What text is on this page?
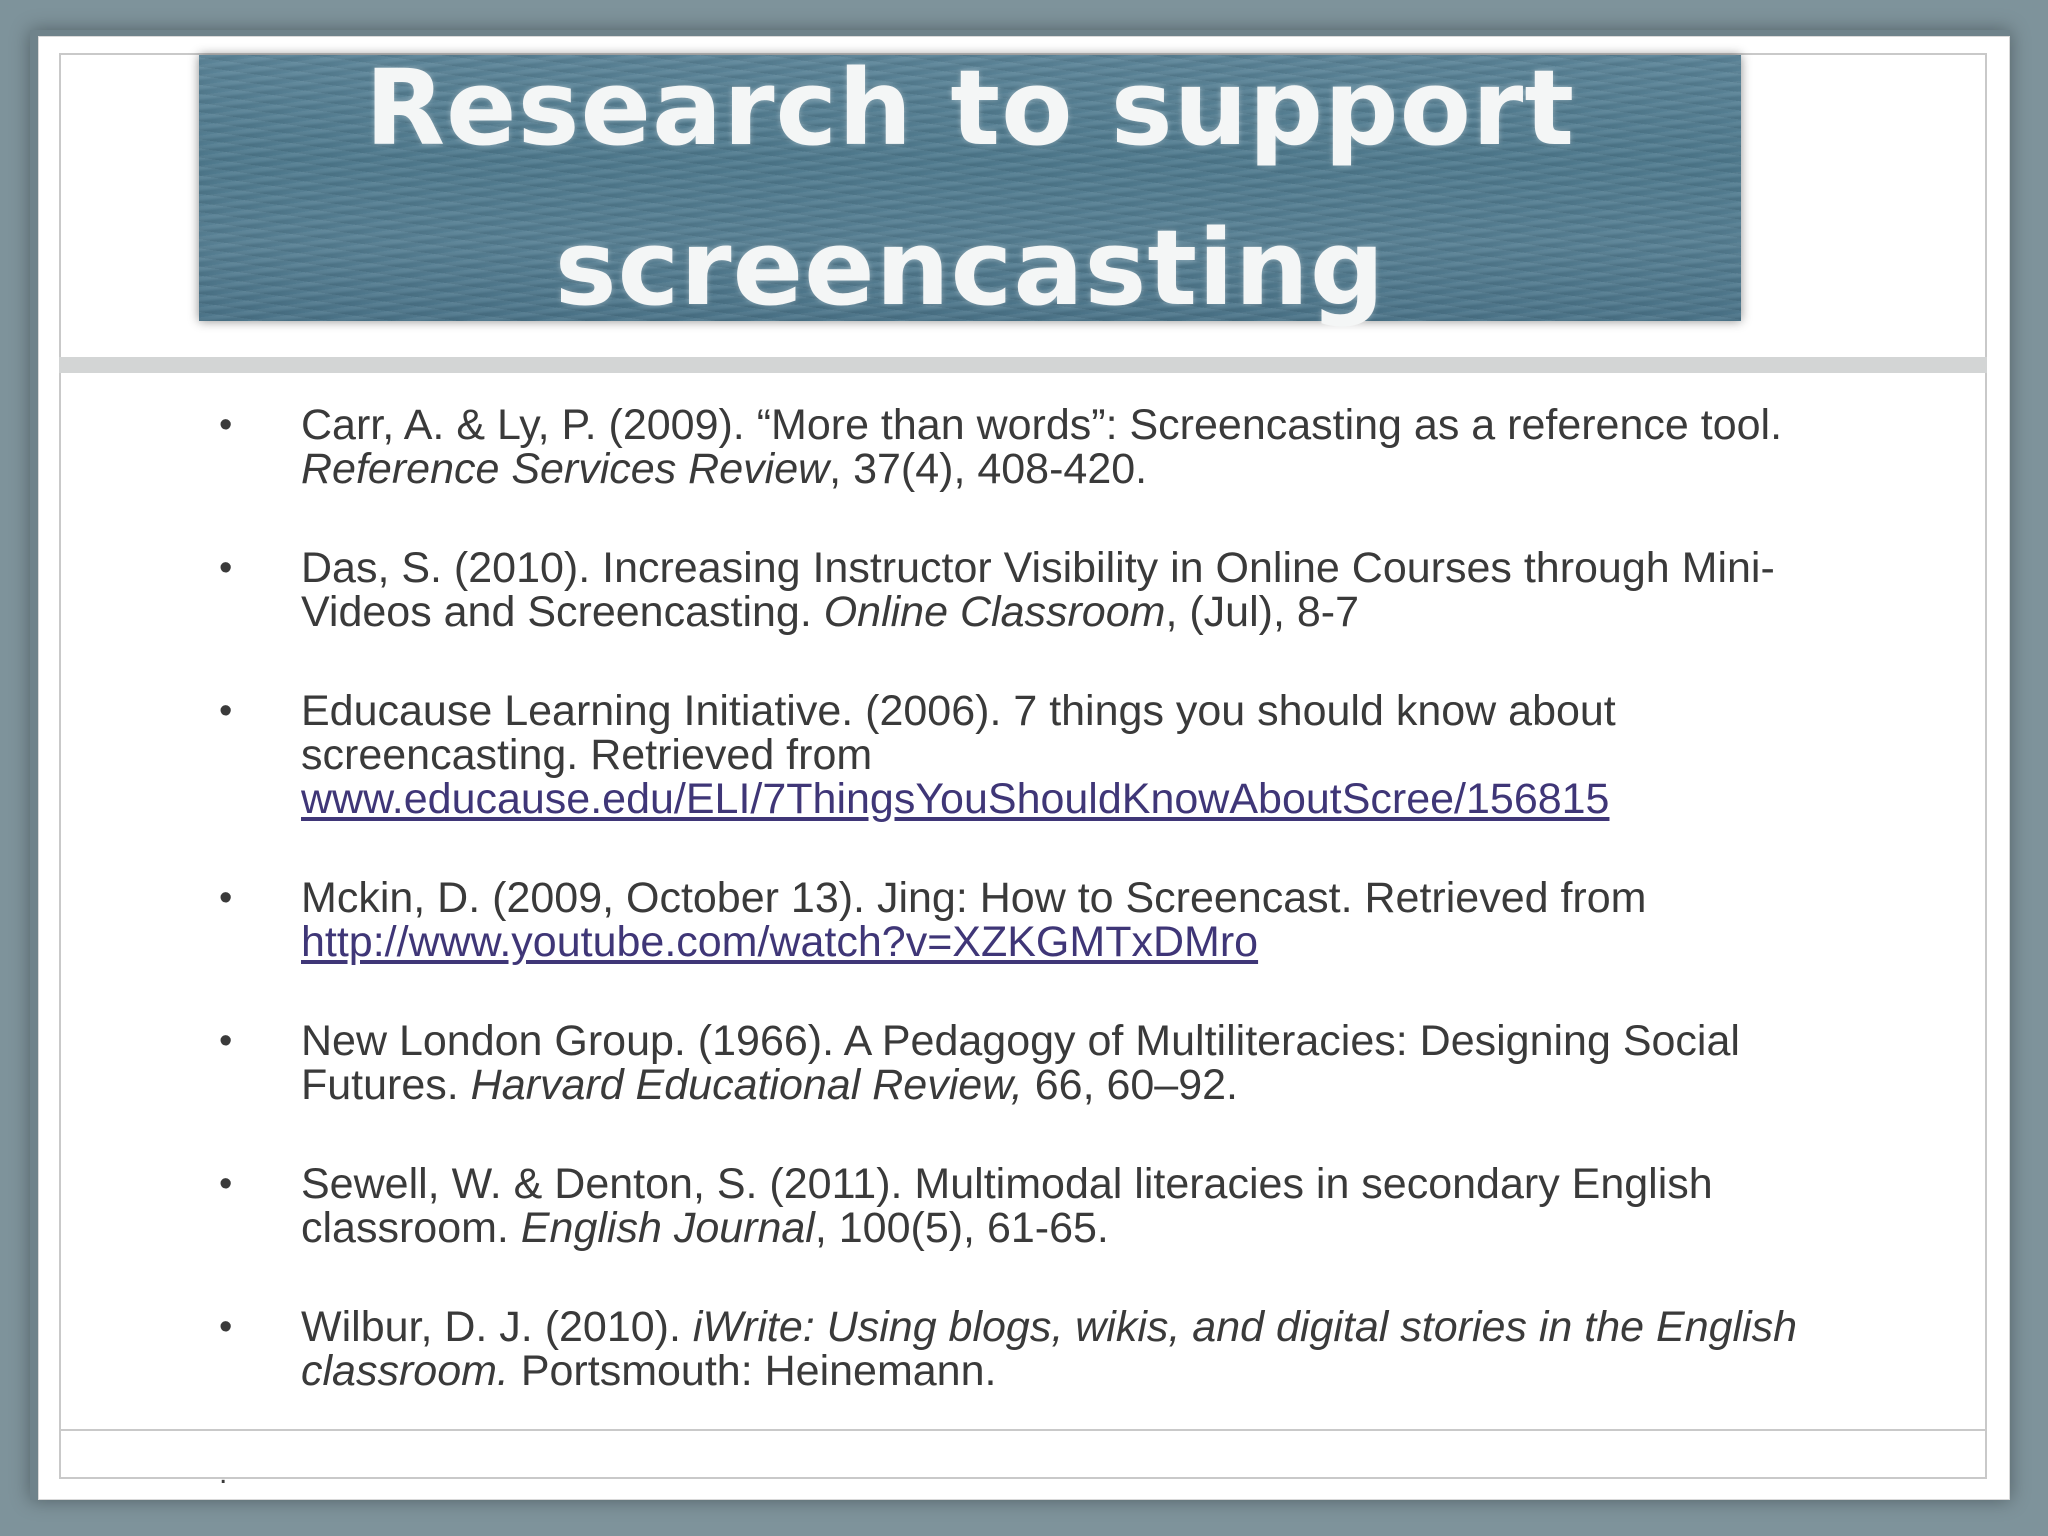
Research to support
screencasting
• Carr, A. & Ly, P. (2009). “More than words”: Screencasting as a reference tool. Reference Services Review, 37(4), 408-420.
• Das, S. (2010). Increasing Instructor Visibility in Online Courses through Mini-Videos and Screencasting. Online Classroom, (Jul), 8-7
• Educause Learning Initiative. (2006). 7 things you should know about screencasting. Retrieved from www.educause.edu/ELI/7ThingsYouShouldKnowAboutScree/156815
• Mckin, D. (2009, October 13). Jing: How to Screencast. Retrieved from http://www.youtube.com/watch?v=XZKGMTxDMro
• New London Group. (1966). A Pedagogy of Multiliteracies: Designing Social Futures. Harvard Educational Review, 66, 60–92.
• Sewell, W. & Denton, S. (2011). Multimodal literacies in secondary English classroom. English Journal, 100(5), 61-65.
• Wilbur, D. J. (2010). iWrite: Using blogs, wikis, and digital stories in the English classroom. Portsmouth: Heinemann.
.
